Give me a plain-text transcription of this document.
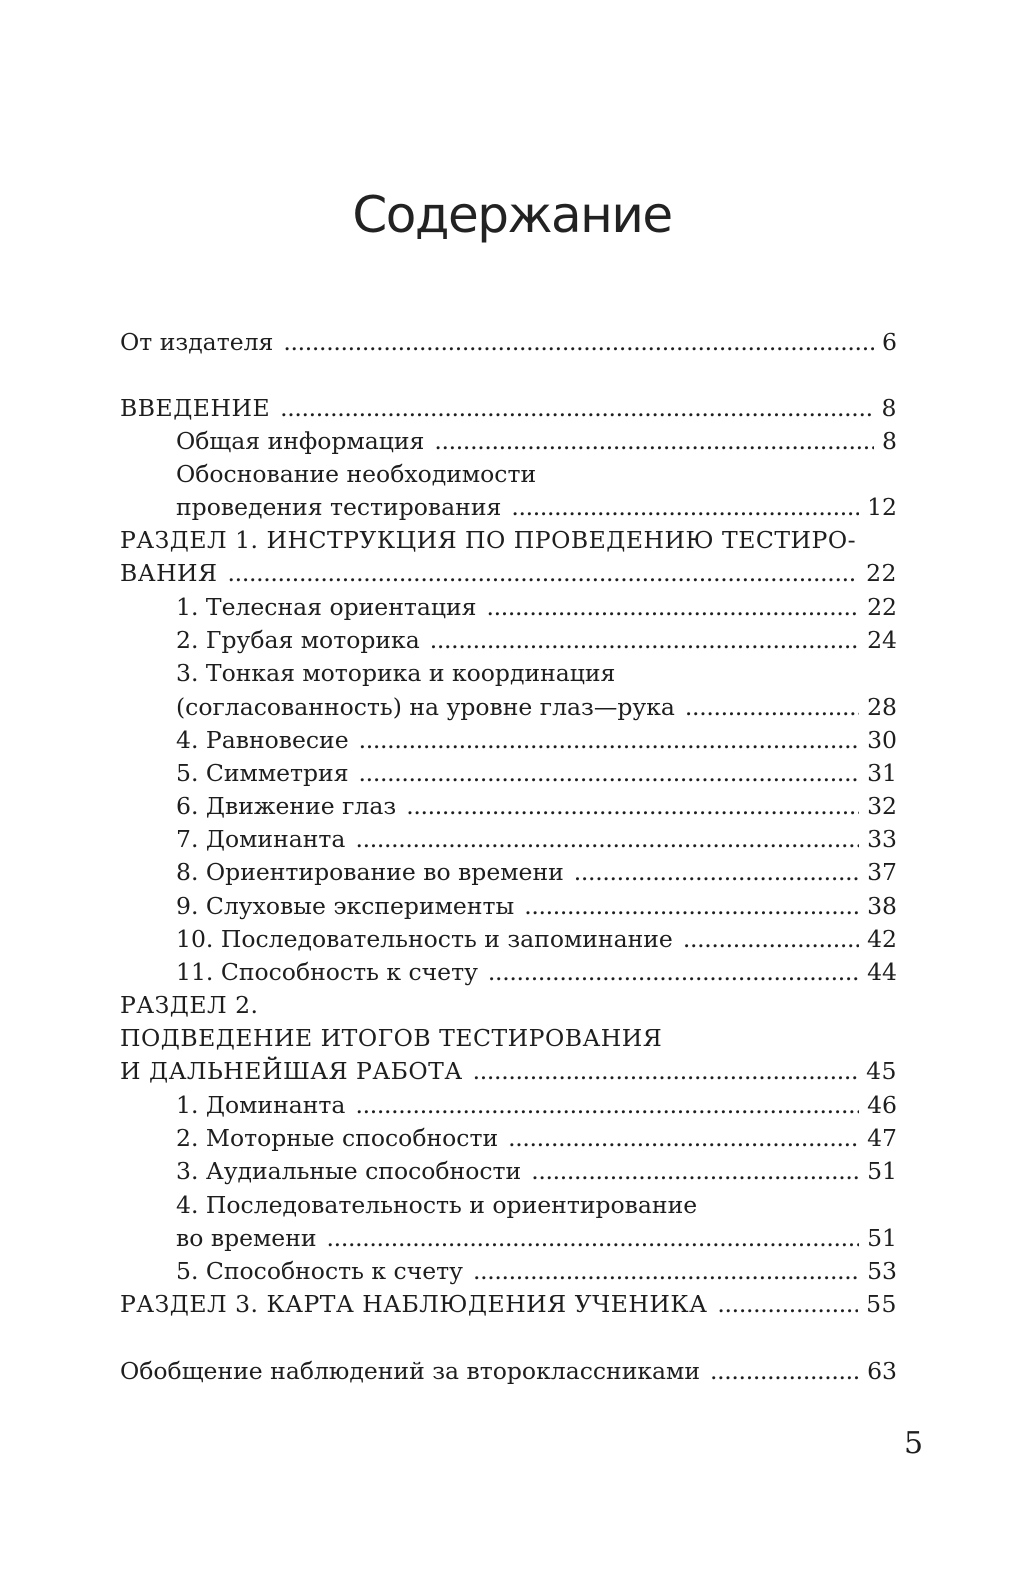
Содержание
От издателя . . .	6
ВВЕДЕНИЕ . . .	8
Общая информация . . .	8
Обоснование необходимости
проведения тестирования . . .	12
РАЗДЕЛ 1. ИНСТРУКЦИЯ ПО ПРОВЕДЕНИЮ ТЕСТИРО-
ВАНИЯ . . .	22
1. Телесная ориентация . . .	22
2. Грубая моторика . . .	24
3. Тонкая моторика и координация
(согласованность) на уровне глаз—рука . . .	28
4. Равновесие . . .	30
5. Симметрия . . .	31
6. Движение глаз . . .	32
7. Доминанта . . .	33
8. Ориентирование во времени . . .	37
9. Слуховые эксперименты . . .	38
10. Последовательность и запоминание . . .	42
11. Способность к счету . . .	44
РАЗДЕЛ 2.
ПОДВЕДЕНИЕ ИТОГОВ ТЕСТИРОВАНИЯ
И ДАЛЬНЕЙШАЯ РАБОТА . . .	45
1. Доминанта . . .	46
2. Моторные способности . . .	47
3. Аудиальные способности . . .	51
4. Последовательность и ориентирование
во времени . . .	51
5. Способность к счету . . .	53
РАЗДЕЛ 3. КАРТА НАБЛЮДЕНИЯ УЧЕНИКА . . .	55
Обобщение наблюдений за второклассниками . . .	63
5
